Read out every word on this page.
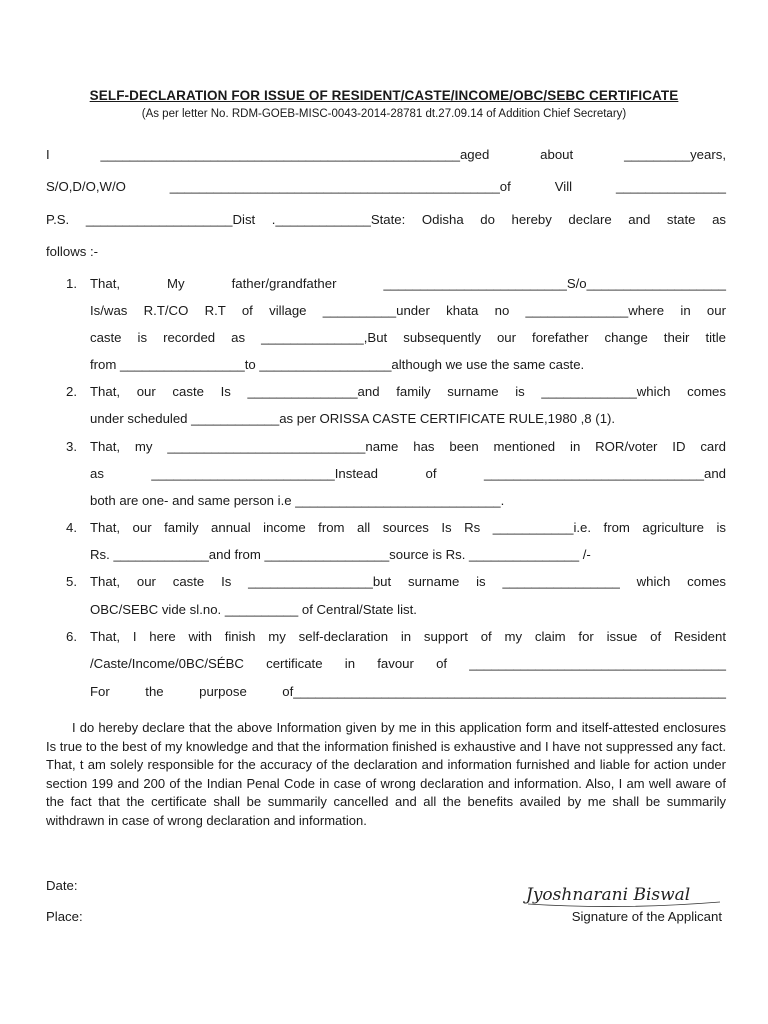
SELF-DECLARATION FOR ISSUE OF RESIDENT/CASTE/INCOME/OBC/SEBC CERTIFICATE
(As per letter No. RDM-GOEB-MISC-0043-2014-28781 dt.27.09.14 of Addition Chief Secretary)
I _________________________________________________aged about _________years,
S/O,D/O,W/O _____________________________________________of Vill _______________
P.S. ____________________Dist ._____________State: Odisha do hereby declare and state as
follows :-
1. That, My father/grandfather _________________________S/o___________________
Is/was R.T/CO R.T of village __________under khata no ______________where in our
caste is recorded as ______________,But subsequently our forefather change their title
from _________________to __________________although we use the same caste.
2. That, our caste Is _______________and family surname is _____________which comes
under scheduled ____________as per ORISSA CASTE CERTIFICATE RULE,1980 ,8 (1).
3. That, my ___________________________name has been mentioned in ROR/voter ID card
as _________________________Instead of ______________________________and
both are one- and same person i.e ____________________________.
4. That, our family annual income from all sources Is Rs ___________i.e. from agriculture is
Rs. _____________and from _________________source is Rs. _______________ /-
5. That, our caste Is _________________but surname is ________________ which comes
OBC/SEBC vide sl.no. __________ of Central/State list.
6. That, I here with finish my self-declaration in support of my claim for issue of Resident
/Caste/Income/0BC/SÉBC certificate in favour of ___________________________________
For the purpose of___________________________________________________________
I do hereby declare that the above Information given by me in this application form and itself-attested enclosures Is true to the best of my knowledge and that the information finished is exhaustive and I have not suppressed any fact. That, t am solely responsible for the accuracy of the declaration and information furnished and liable for action under section 199 and 200 of the Indian Penal Code in case of wrong declaration and information. Also, I am well aware of the fact that the certificate shall be summarily cancelled and all the benefits availed by me shall be summarily withdrawn in case of wrong declaration and information.
Date:
Place:
Jyoshnarani Biswal
Signature of the Applicant
